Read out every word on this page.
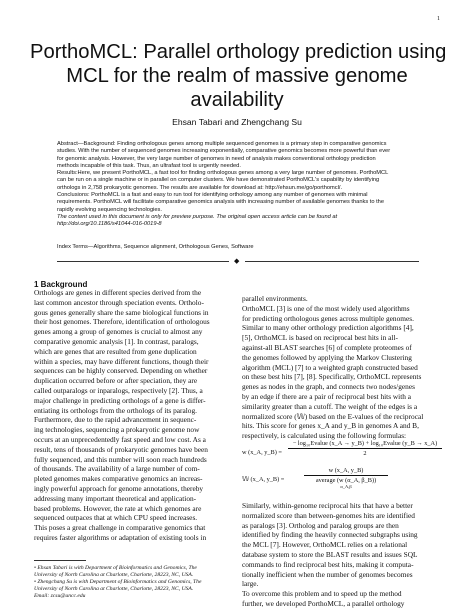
1
PorthoMCL: Parallel orthology prediction using
MCL for the realm of massive genome
availability
Ehsan Tabari and Zhengchang Su
Abstract—Background: Finding orthologous genes among multiple sequenced genomes is a primary step in comparative genomics
studies. With the number of sequenced genomes increasing exponentially, comparative genomics becomes more powerful than ever
for genomic analysis. However, the very large number of genomes in need of analysis makes conventional orthology prediction
methods incapable of this task. Thus, an ultrafast tool is urgently needed.
Results:Here, we present PorthoMCL, a fast tool for finding orthologous genes among a very large number of genomes. PorthoMCL
can be run on a single machine or in parallel on computer clusters. We have demonstrated PorthoMCL's capability by identifying
orthologs in 2,758 prokaryotic genomes. The results are available for download at: http://ehsun.me/go/porthomcl/.
Conclusions: PorthoMCL is a fast and easy to run tool for identifying orthology among any number of genomes with minimal
requirements. PorthoMCL will facilitate comparative genomics analysis with increasing number of available genomes thanks to the
rapidly evolving sequencing technologies.
The content used in this document is only for preview purpose. The original open access article can be found at
http://doi.org/10.1186/s41044-016-0019-8
Index Terms—Algorithms, Sequence alignment, Orthologous Genes, Software
◆
1 Background
Orthologs are genes in different species derived from the
last common ancestor through speciation events. Ortholo-
gous genes generally share the same biological functions in
their host genomes. Therefore, identification of orthologous
genes among a group of genomes is crucial to almost any
comparative genomic analysis [1]. In contrast, paralogs,
which are genes that are resulted from gene duplication
within a species, may have different functions, though their
sequences can be highly conserved. Depending on whether
duplication occurred before or after speciation, they are
called outparalogs or inparalogs, respectively [2]. Thus, a
major challenge in predicting orthologs of a gene is differ-
entiating its orthologs from the orthologs of its paralog.
Furthermore, due to the rapid advancement in sequenc-
ing technologies, sequencing a prokaryotic genome now
occurs at an unprecedentedly fast speed and low cost. As a
result, tens of thousands of prokaryotic genomes have been
fully sequenced, and this number will soon reach hundreds
of thousands. The availability of a large number of com-
pleted genomes makes comparative genomics an increas-
ingly powerful approach for genome annotations, thereby
addressing many important theoretical and application-
based problems. However, the rate at which genomes are
sequenced outpaces that at which CPU speed increases.
This poses a great challenge in comparative genomics that
requires faster algorithms or adaptation of existing tools in
• Ehsan Tabari is with Department of Bioinformatics and Genomics, The
University of North Carolina at Charlotte, Charlotte, 28223, NC, USA.
• Zhengchang Su is with Department of Bioinformatics and Genomics, The
University of North Carolina at Charlotte, Charlotte, 28223, NC, USA.
Email: zcsu@uncc.edu
parallel environments.
OrthoMCL [3] is one of the most widely used algorithms
for predicting orthologous genes across multiple genomes.
Similar to many other orthology prediction algorithms [4],
[5], OrthoMCL is based on reciprocal best hits in all-
against-all BLAST searches [6] of complete proteomes of
the genomes followed by applying the Markov Clustering
algorithm (MCL) [7] to a weighted graph constructed based
on these best hits [7], [8]. Specifically, OrthoMCL represents
genes as nodes in the graph, and connects two nodes/genes
by an edge if there are a pair of reciprocal best hits with a
similarity greater than a cutoff. The weight of the edges is a
normalized score (𝕎) based on the E-values of the reciprocal
hits. This score for genes x_A and y_B in genomes A and B,
respectively, is calculated using the following formulas:
w (x_A, y_B) =
− log₁₀Evalue (x_A → y_B) + log₁₀Evalue (y_B → x_A)
2
𝕎 (x_A, y_B) =
w (x_A, y_B)
average (w (α_A, β_B))
α_A,β
Similarly, within-genome reciprocal hits that have a better
normalized score than between-genomes hits are identified
as paralogs [3]. Ortholog and paralog groups are then
identified by finding the heavily connected subgraphs using
the MCL [7]. However, OrthoMCL relies on a relational
database system to store the BLAST results and issues SQL
commands to find reciprocal best hits, making it computa-
tionally inefficient when the number of genomes becomes
large.
To overcome this problem and to speed up the method
further, we developed PorthoMCL, a parallel orthology
